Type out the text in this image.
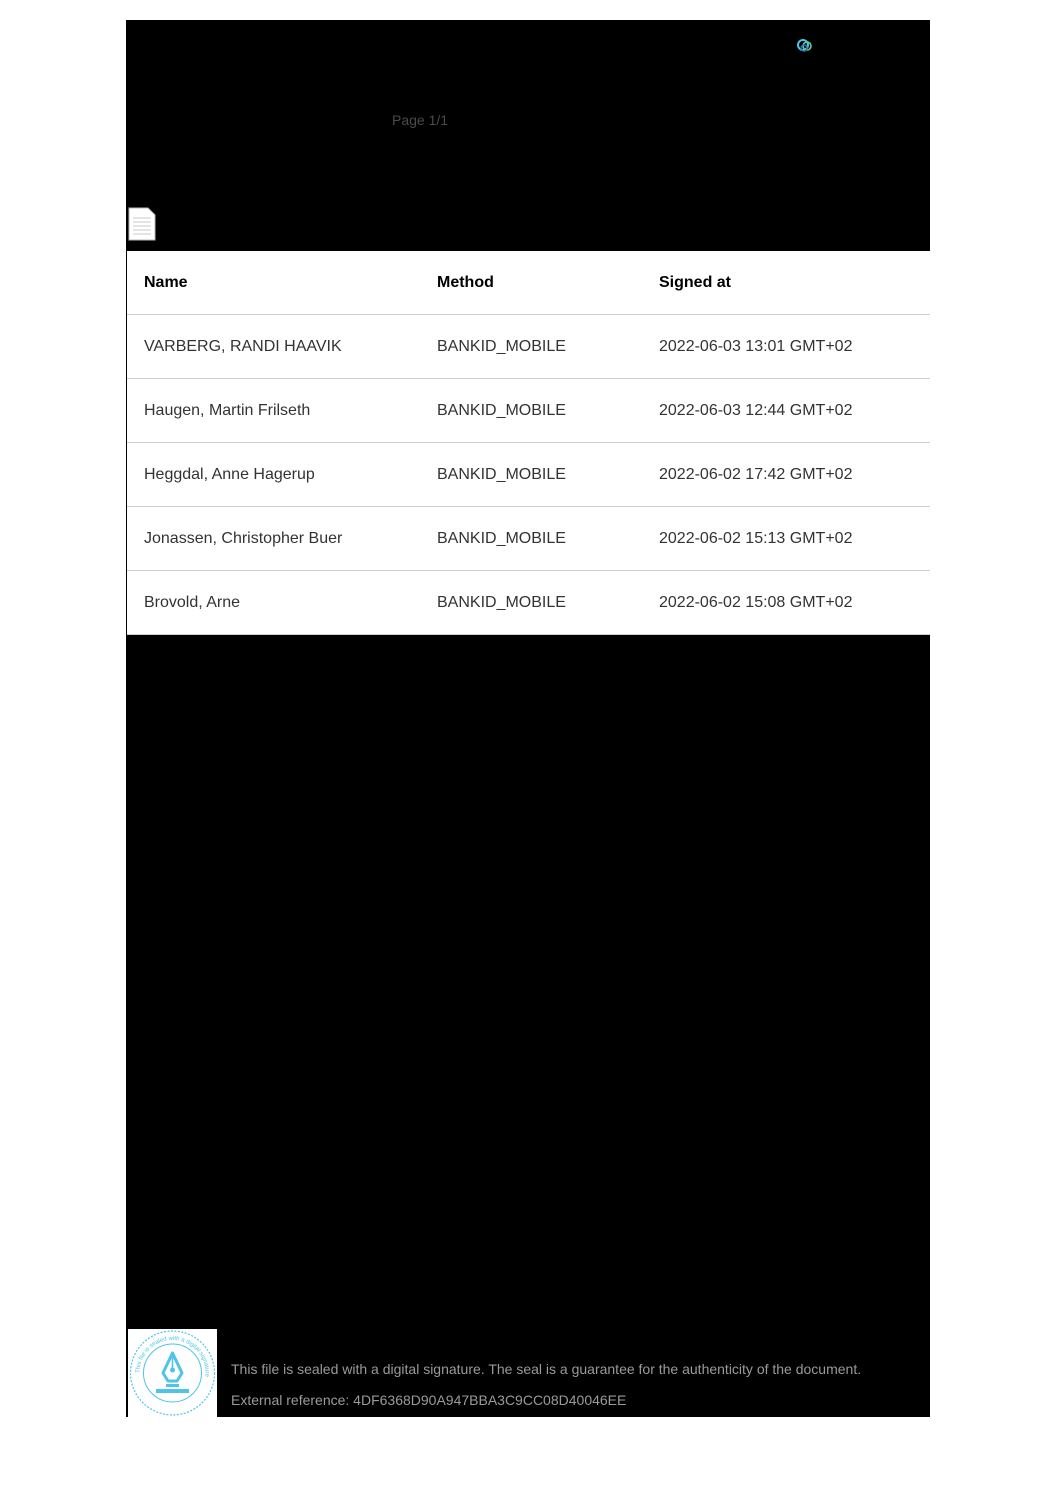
Page 1/1
Name	Method	Signed at
VARBERG, RANDI HAAVIK	BANKID_MOBILE	2022-06-03 13:01 GMT+02
Haugen, Martin Frilseth	BANKID_MOBILE	2022-06-03 12:44 GMT+02
Heggdal, Anne Hagerup	BANKID_MOBILE	2022-06-02 17:42 GMT+02
Jonassen, Christopher Buer	BANKID_MOBILE	2022-06-02 15:13 GMT+02
Brovold, Arne	BANKID_MOBILE	2022-06-02 15:08 GMT+02
This file is sealed with a digital signature This file is sealed with a digital signature. The seal is a guarantee for the authenticity of the document.
External reference: 4DF6368D90A947BBA3C9CC08D40046EE
